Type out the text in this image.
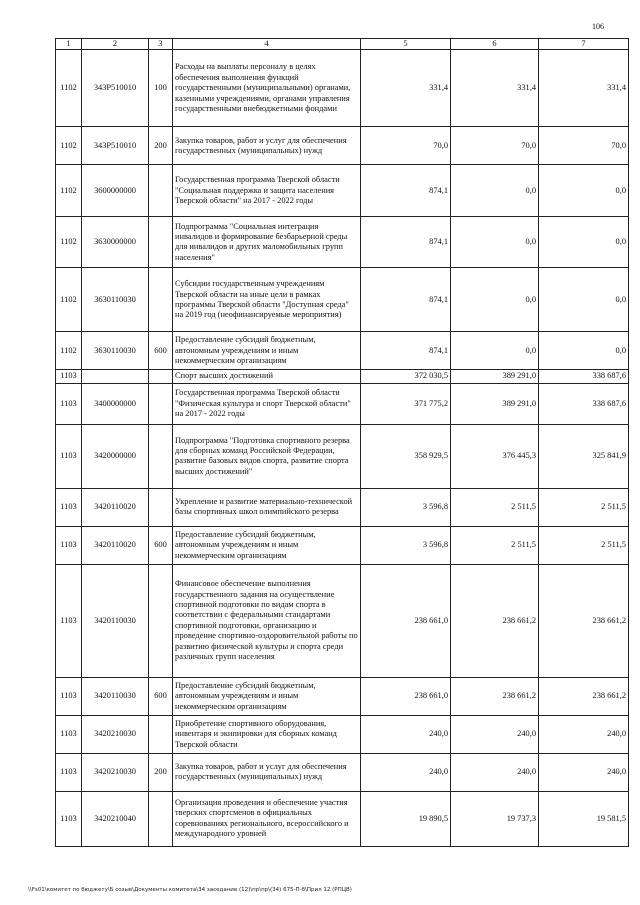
106
1	2	3	4	5	6	7
1102	343Р510010	100	Расходы на выплаты персоналу в целях обеспечения выполнения функций государственными (муниципальными) органами, казенными учреждениями, органами управления государственными внебюджетными фондами	331,4	331,4	331,4
1102	343Р510010	200	Закупка товаров, работ и услуг для обеспечения государственных (муниципальных) нужд	70,0	70,0	70,0
1102	3600000000		Государственная программа Тверской области "Социальная поддержка и защита населения Тверской области" на 2017 - 2022 годы	874,1	0,0	0,0
1102	3630000000		Подпрограмма "Социальная интеграция инвалидов и формирование безбарьерной среды для инвалидов и других маломобильных групп населения"	874,1	0,0	0,0
1102	3630110030		Субсидии государственным учреждениям Тверской области на иные цели в рамках программы Тверской области "Доступная среда" на 2019 год (неофинансируемые мероприятия)	874,1	0,0	0,0
1102	3630110030	600	Предоставление субсидий бюджетным, автономным учреждениям и иным некоммерческим организациям	874,1	0,0	0,0
1103			Спорт высших достижений	372 030,5	389 291,0	338 687,6
1103	3400000000		Государственная программа Тверской области "Физическая культура и спорт Тверской области" на 2017 - 2022 годы	371 775,2	389 291,0	338 687,6
1103	3420000000		Подпрограмма "Подготовка спортивного резерва для сборных команд Российской Федерации, развитие базовых видов спорта, развитие спорта высших достижений"	358 929,5	376 445,3	325 841,9
1103	3420110020		Укрепление и развитие материально-технической базы спортивных школ олимпийского резерва	3 596,8	2 511,5	2 511,5
1103	3420110020	600	Предоставление субсидий бюджетным, автономным учреждениям и иным некоммерческим организациям	3 596,8	2 511,5	2 511,5
1103	3420110030		Финансовое обеспечение выполнения государственного задания на осуществление спортивной подготовки по видам спорта в соответствии с федеральными стандартами спортивной подготовки, организацию и проведение спортивно-оздоровительной работы по развитию физической культуры и спорта среди различных групп населения	238 661,0	238 661,2	238 661,2
1103	3420110030	600	Предоставление субсидий бюджетным, автономным учреждениям и иным некоммерческим организациям	238 661,0	238 661,2	238 661,2
1103	3420210030		Приобретение спортивного оборудования, инвентаря и экипировки для сборных команд Тверской области	240,0	240,0	240,0
1103	3420210030	200	Закупка товаров, работ и услуг для обеспечения государственных (муниципальных) нужд	240,0	240,0	240,0
1103	3420210040		Организация проведения и обеспечение участия тверских спортсменов в официальных соревнованиях регионального, всероссийского и международного уровней	19 890,5	19 737,3	19 581,5
\\Fs01\комитет по бюджету\Б созыв\Документы комитета\34 заседание (12)\пр\пр\(34) 675-П-б\Прил 12 (РПЦВ)
